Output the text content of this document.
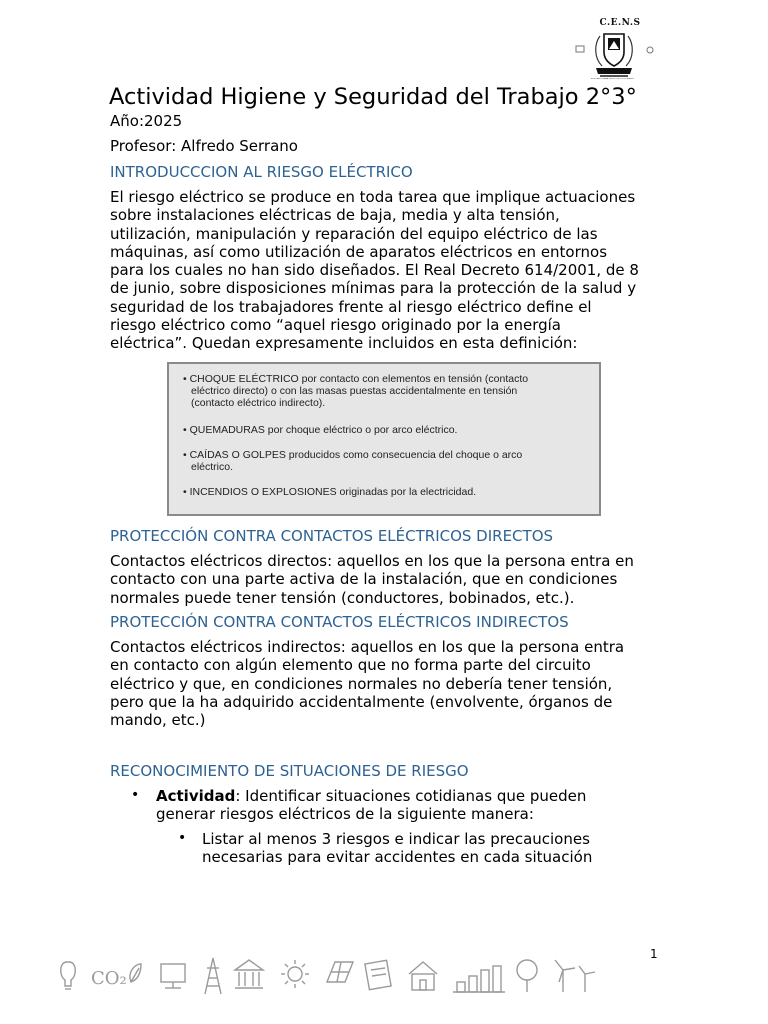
C.E.N.S
"EDUCAMOS PARA UN FUTURO SOSTENIBLE"
Actividad Higiene y Seguridad del Trabajo 2°3°
Año:2025
Profesor: Alfredo Serrano
INTRODUCCCION AL RIESGO ELÉCTRICO
El riesgo eléctrico se produce en toda tarea que implique actuaciones
sobre instalaciones eléctricas de baja, media y alta tensión,
utilización, manipulación y reparación del equipo eléctrico de las
máquinas, así como utilización de aparatos eléctricos en entornos
para los cuales no han sido diseñados. El Real Decreto 614/2001, de 8
de junio, sobre disposiciones mínimas para la protección de la salud y
seguridad de los trabajadores frente al riesgo eléctrico define el
riesgo eléctrico como “aquel riesgo originado por la energía
eléctrica”. Quedan expresamente incluidos en esta definición:
• CHOQUE ELÉCTRICO por contacto con elementos en tensión (contacto
eléctrico directo) o con las masas puestas accidentalmente en tensión
(contacto eléctrico indirecto).
• QUEMADURAS por choque eléctrico o por arco eléctrico.
• CAÍDAS O GOLPES producidos como consecuencia del choque o arco
eléctrico.
• INCENDIOS O EXPLOSIONES originadas por la electricidad.
PROTECCIÓN CONTRA CONTACTOS ELÉCTRICOS DIRECTOS
Contactos eléctricos directos: aquellos en los que la persona entra en
contacto con una parte activa de la instalación, que en condiciones
normales puede tener tensión (conductores, bobinados, etc.).
PROTECCIÓN CONTRA CONTACTOS ELÉCTRICOS INDIRECTOS
Contactos eléctricos indirectos: aquellos en los que la persona entra
en contacto con algún elemento que no forma parte del circuito
eléctrico y que, en condiciones normales no debería tener tensión,
pero que la ha adquirido accidentalmente (envolvente, órganos de
mando, etc.)
RECONOCIMIENTO DE SITUACIONES DE RIESGO
• Actividad: Identificar situaciones cotidianas que pueden
generar riesgos eléctricos de la siguiente manera:
• Listar al menos 3 riesgos e indicar las precauciones
necesarias para evitar accidentes en cada situación
1
CO₂
